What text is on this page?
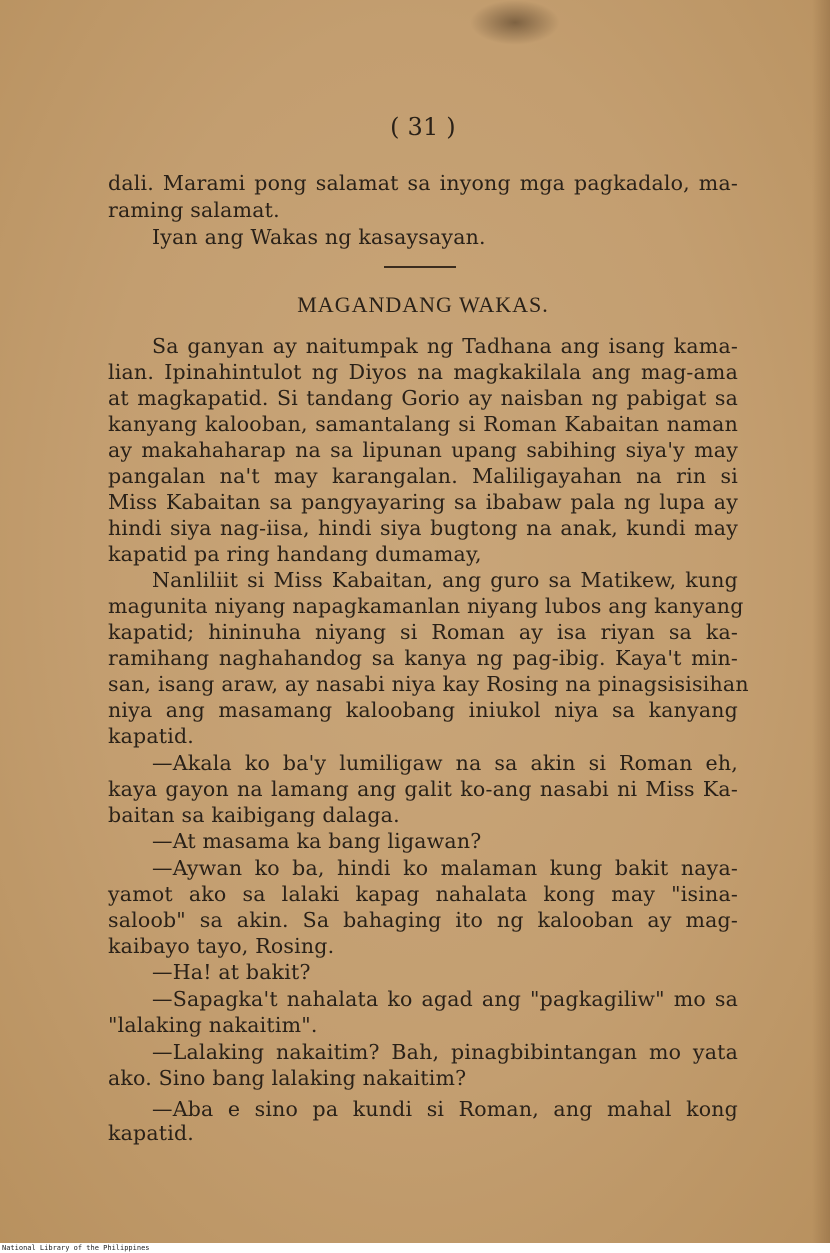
( 31 )
dali. Marami pong salamat sa inyong mga pagkadalo, ma-
raming salamat.
Iyan ang Wakas ng kasaysayan.
MAGANDANG WAKAS.
Sa ganyan ay naitumpak ng Tadhana ang isang kama-
lian. Ipinahintulot ng Diyos na magkakilala ang mag-ama
at magkapatid. Si tandang Gorio ay naisban ng pabigat sa
kanyang kalooban, samantalang si Roman Kabaitan naman
ay makahaharap na sa lipunan upang sabihing siya'y may
pangalan na't may karangalan. Maliligayahan na rin si
Miss Kabaitan sa pangyayaring sa ibabaw pala ng lupa ay
hindi siya nag-iisa, hindi siya bugtong na anak, kundi may
kapatid pa ring handang dumamay,
Nanliliit si Miss Kabaitan, ang guro sa Matikew, kung
magunita niyang napagkamanlan niyang lubos ang kanyang
kapatid; hininuha niyang si Roman ay isa riyan sa ka-
ramihang naghahandog sa kanya ng pag-ibig. Kaya't min-
san, isang araw, ay nasabi niya kay Rosing na pinagsisisihan
niya ang masamang kaloobang iniukol niya sa kanyang
kapatid.
—Akala ko ba'y lumiligaw na sa akin si Roman eh,
kaya gayon na lamang ang galit ko-ang nasabi ni Miss Ka-
baitan sa kaibigang dalaga.
—At masama ka bang ligawan?
—Aywan ko ba, hindi ko malaman kung bakit naya-
yamot ako sa lalaki kapag nahalata kong may "isina-
saloob" sa akin. Sa bahaging ito ng kalooban ay mag-
kaibayo tayo, Rosing.
—Ha! at bakit?
—Sapagka't nahalata ko agad ang "pagkagiliw" mo sa
"lalaking nakaitim".
—Lalaking nakaitim? Bah, pinagbibintangan mo yata
ako. Sino bang lalaking nakaitim?
—Aba e sino pa kundi si Roman, ang mahal kong
kapatid.
National Library of the Philippines
